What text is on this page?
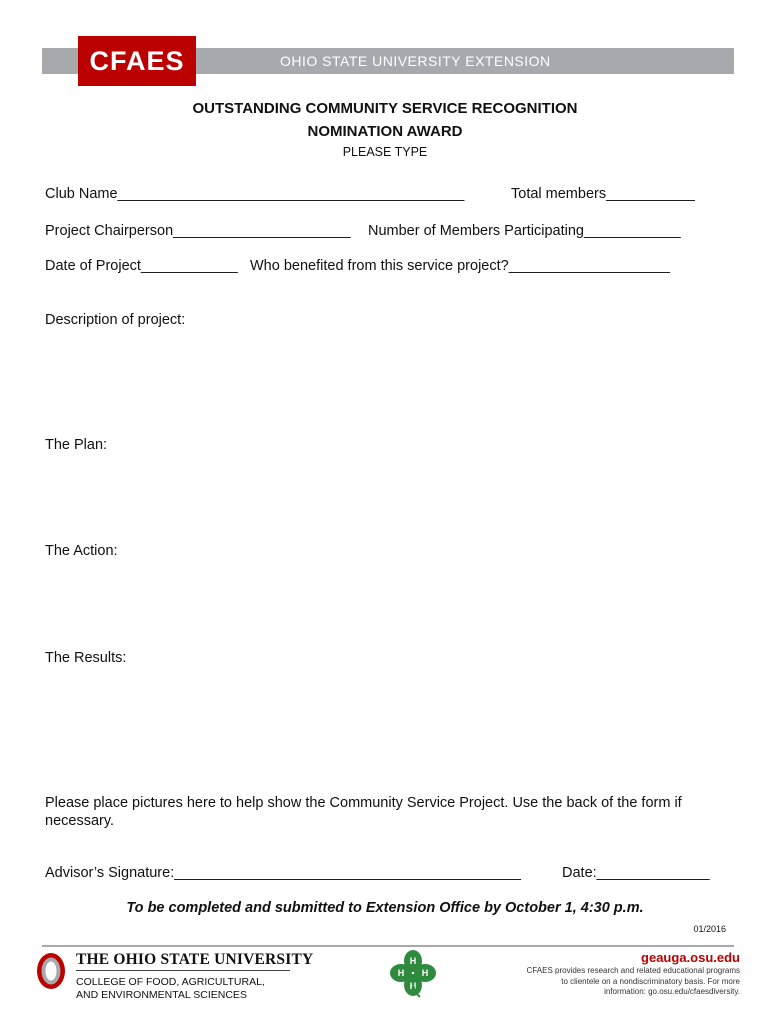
OHIO STATE UNIVERSITY EXTENSION
CFAES
OUTSTANDING COMMUNITY SERVICE RECOGNITION
NOMINATION AWARD
PLEASE TYPE
Club Name___________________________________________	Total members___________
Project Chairperson______________________ Number of Members Participating____________
Date of Project____________ Who benefited from this service project?____________________
Description of project:
The Plan:
The Action:
The Results:
Please place pictures here to help show the Community Service Project. Use the back of the form if necessary.
Advisor’s Signature:___________________________________________	Date:______________
To be completed and submitted to Extension Office by October 1, 4:30 p.m.
01/2016
THE OHIO STATE UNIVERSITY
COLLEGE OF FOOD, AGRICULTURAL,
AND ENVIRONMENTAL SCIENCES
H
H
H H
geauga.osu.edu
CFAES provides research and related educational programs to clientele on a nondiscriminatory basis. For more information: go.osu.edu/cfaesdiversity.
